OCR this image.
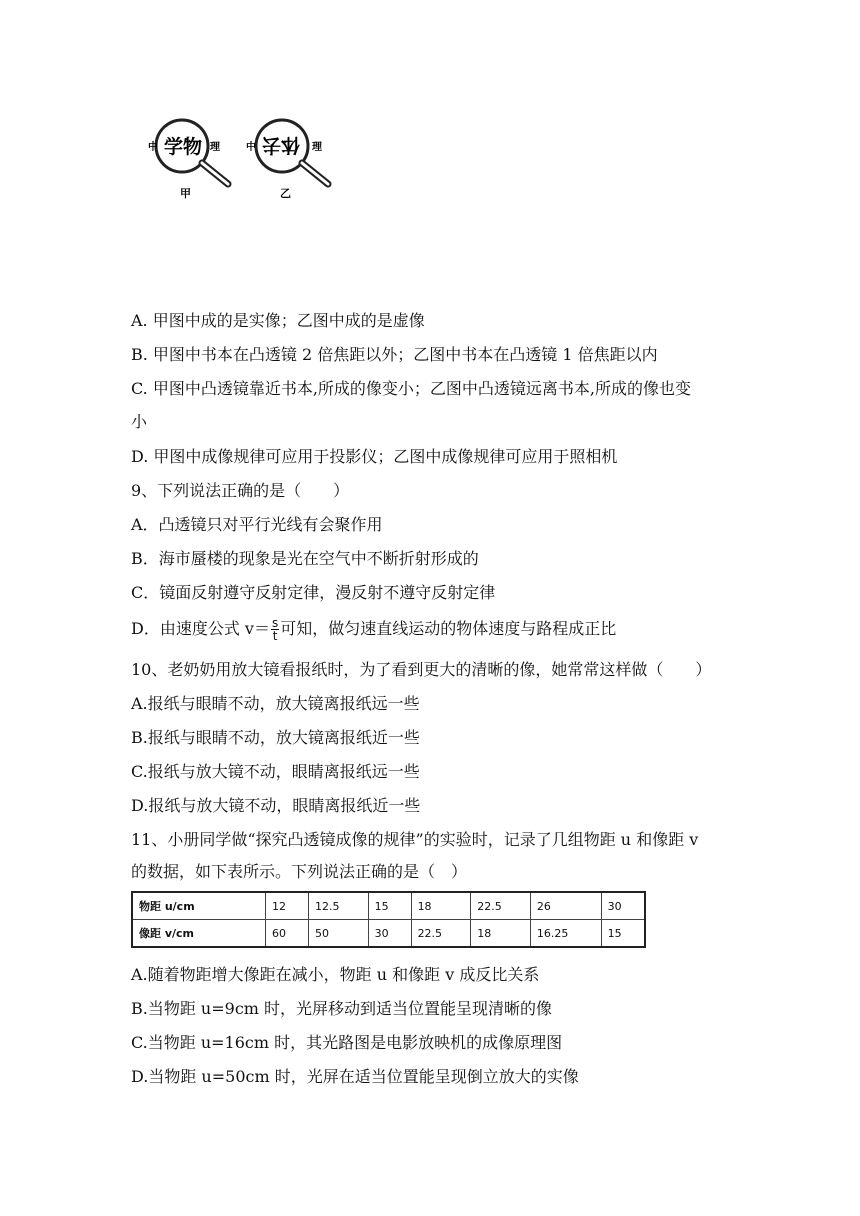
中 学物 理	中 体去 理
甲	乙
A. 甲图中成的是实像；乙图中成的是虚像
B. 甲图中书本在凸透镜 2 倍焦距以外；乙图中书本在凸透镜 1 倍焦距以内
C. 甲图中凸透镜靠近书本,所成的像变小；乙图中凸透镜远离书本,所成的像也变
小
D. 甲图中成像规律可应用于投影仪；乙图中成像规律可应用于照相机
9、下列说法正确的是（　　）
A．凸透镜只对平行光线有会聚作用
B．海市蜃楼的现象是光在空气中不断折射形成的
C．镜面反射遵守反射定律，漫反射不遵守反射定律
D．由速度公式 $v= \frac{s}{t}$ 可知，做匀速直线运动的物体速度与路程成正比
10、老奶奶用放大镜看报纸时，为了看到更大的清晰的像，她常常这样做（　　）
A.报纸与眼睛不动，放大镜离报纸远一些
B.报纸与眼睛不动，放大镜离报纸近一些
C.报纸与放大镜不动，眼睛离报纸远一些
D.报纸与放大镜不动，眼睛离报纸近一些
11、小册同学做“探究凸透镜成像的规律”的实验时，记录了几组物距 u 和像距 v
的数据，如下表所示。下列说法正确的是（　）
物距 u/cm	12	12.5	15	18	22.5	26	30
像距 v/cm	60	50	30	22.5	18	16.25	15
A.随着物距增大像距在减小，物距 u 和像距 v 成反比关系
B.当物距 u=9cm 时，光屏移动到适当位置能呈现清晰的像
C.当物距 u=16cm 时，其光路图是电影放映机的成像原理图
D.当物距 u=50cm 时，光屏在适当位置能呈现倒立放大的实像
